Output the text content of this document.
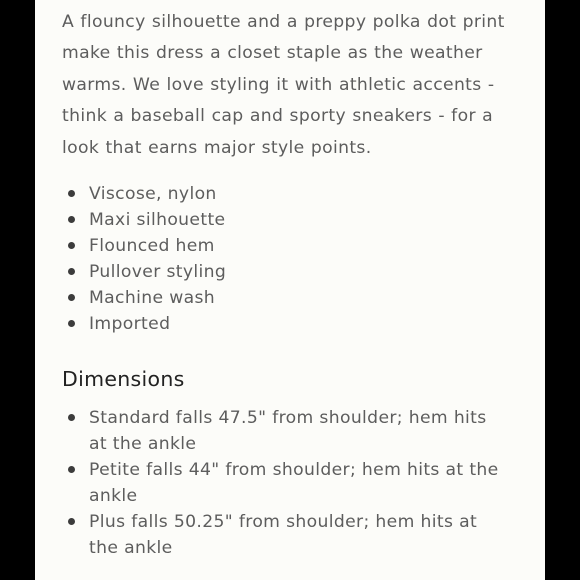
A flouncy silhouette and a preppy polka dot print make this dress a closet staple as the weather warms. We love styling it with athletic accents - think a baseball cap and sporty sneakers - for a look that earns major style points.

Viscose, nylon
Maxi silhouette
Flounced hem
Pullover styling
Machine wash
Imported
Dimensions
Standard falls 47.5" from shoulder; hem hits at the ankle
Petite falls 44" from shoulder; hem hits at the ankle
Plus falls 50.25" from shoulder; hem hits at the ankle
